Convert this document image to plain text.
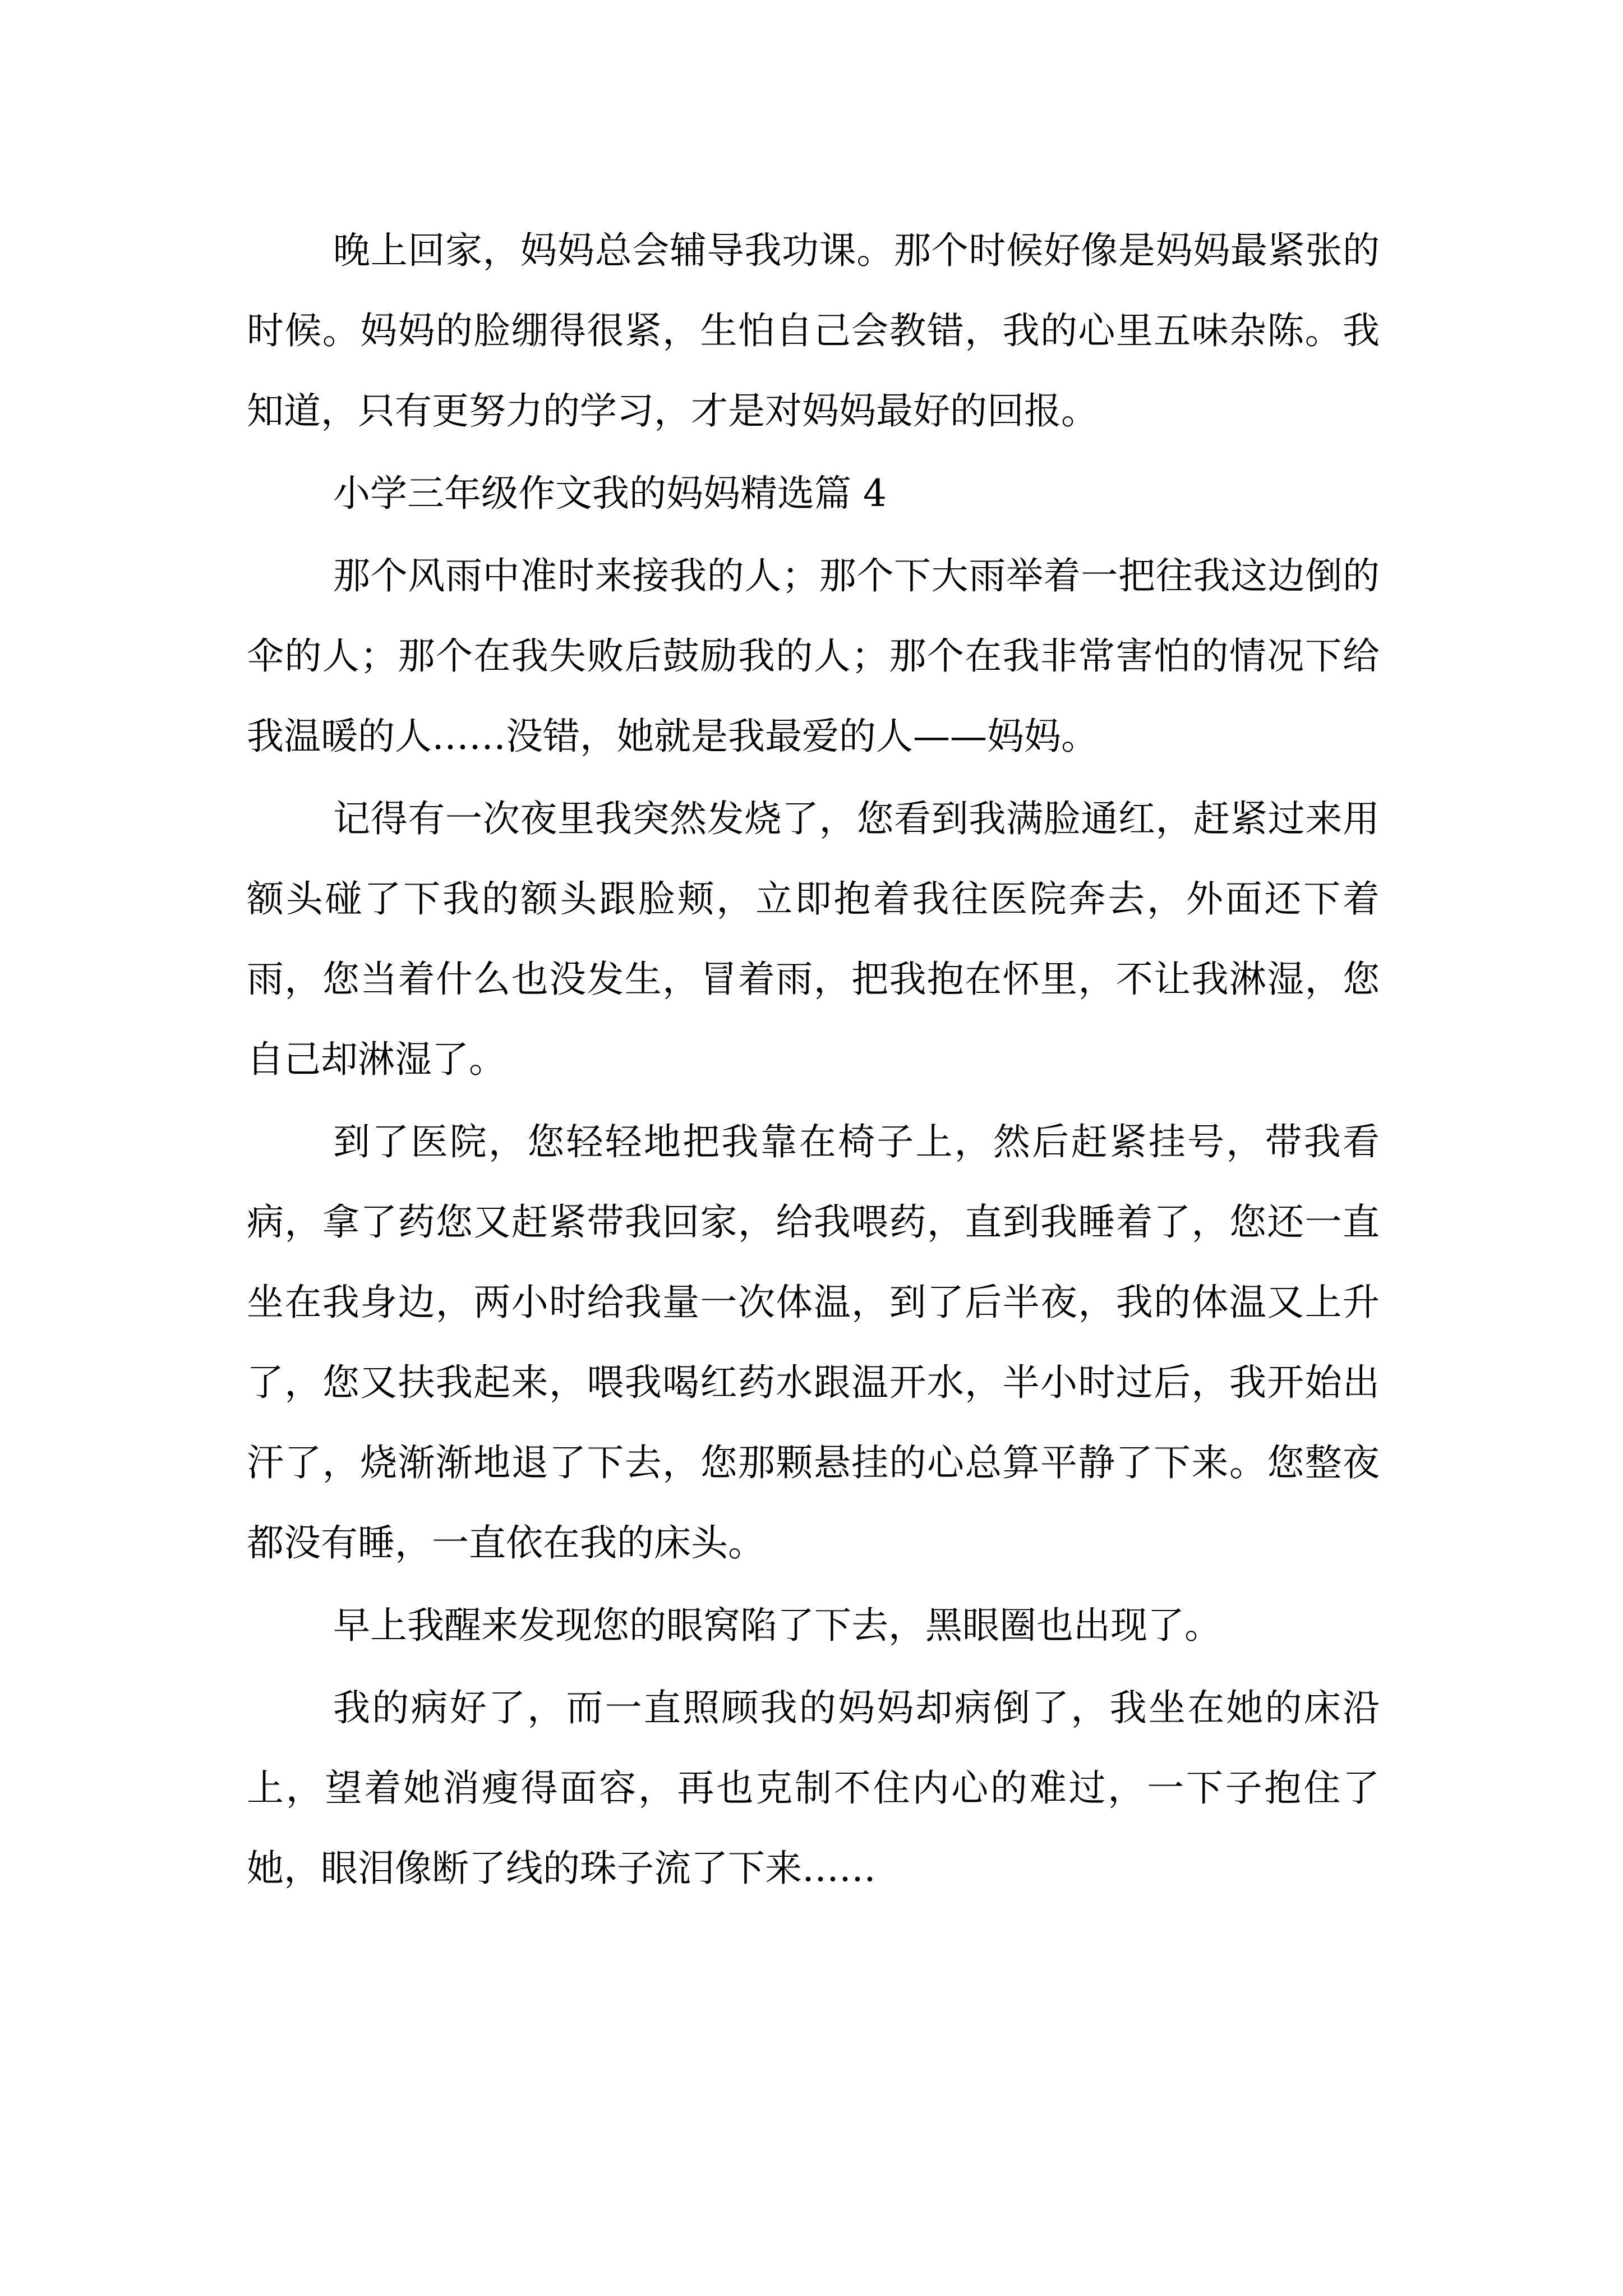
晚上回家，妈妈总会辅导我功课。那个时候好像是妈妈最紧张的时候。妈妈的脸绷得很紧，生怕自己会教错，我的心里五味杂陈。我知道，只有更努力的学习，才是对妈妈最好的回报。

小学三年级作文我的妈妈精选篇 4

那个风雨中准时来接我的人；那个下大雨举着一把往我这边倒的伞的人；那个在我失败后鼓励我的人；那个在我非常害怕的情况下给我温暖的人……没错，她就是我最爱的人——妈妈。

记得有一次夜里我突然发烧了，您看到我满脸通红，赶紧过来用额头碰了下我的额头跟脸颊，立即抱着我往医院奔去，外面还下着雨，您当着什么也没发生，冒着雨，把我抱在怀里，不让我淋湿，您自己却淋湿了。

到了医院，您轻轻地把我靠在椅子上，然后赶紧挂号，带我看病，拿了药您又赶紧带我回家，给我喂药，直到我睡着了，您还一直坐在我身边，两小时给我量一次体温，到了后半夜，我的体温又上升了，您又扶我起来，喂我喝红药水跟温开水，半小时过后，我开始出汗了，烧渐渐地退了下去，您那颗悬挂的心总算平静了下来。您整夜都没有睡，一直依在我的床头。

早上我醒来发现您的眼窝陷了下去，黑眼圈也出现了。

我的病好了，而一直照顾我的妈妈却病倒了，我坐在她的床沿上，望着她消瘦得面容，再也克制不住内心的难过，一下子抱住了她，眼泪像断了线的珠子流了下来……
